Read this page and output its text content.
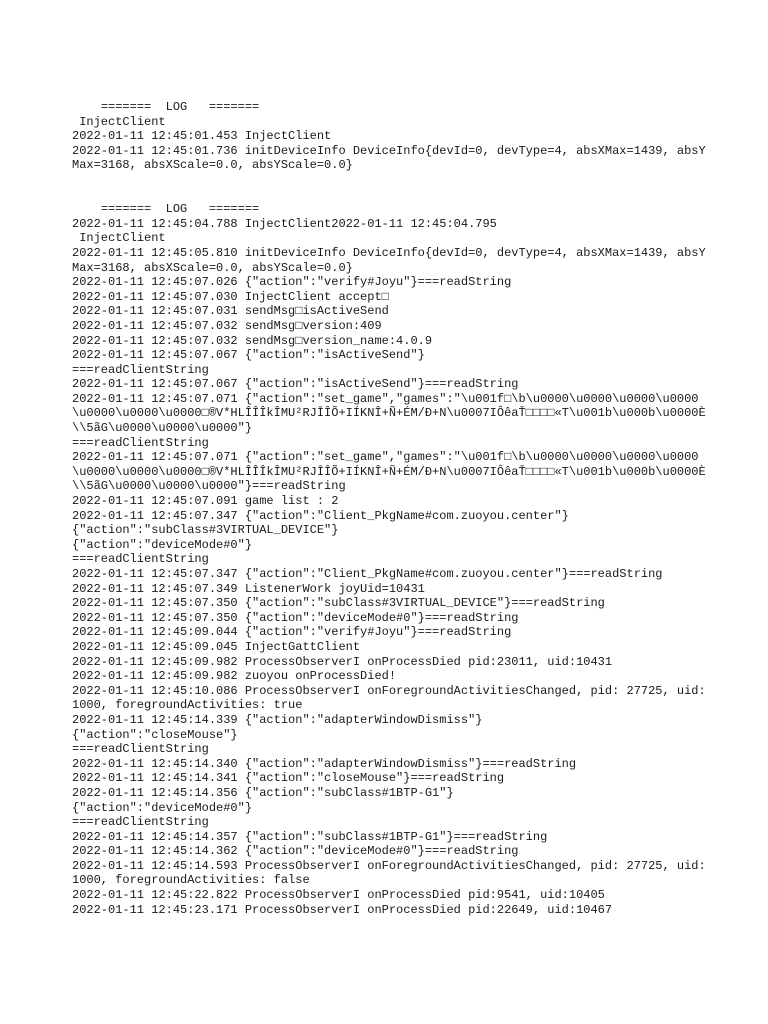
=======  LOG   =======
InjectClient
2022-01-11 12:45:01.453 InjectClient
2022-01-11 12:45:01.736 initDeviceInfo DeviceInfo{devId=0, devType=4, absXMax=1439, absYMax=3168, absXScale=0.0, absYScale=0.0}
=======  LOG   =======
2022-01-11 12:45:04.788 InjectClient2022-01-11 12:45:04.795
InjectClient
2022-01-11 12:45:05.810 initDeviceInfo DeviceInfo{devId=0, devType=4, absXMax=1439, absYMax=3168, absXScale=0.0, absYScale=0.0}
2022-01-11 12:45:07.026 {"action":"verify#Joyu"}===readString
2022-01-11 12:45:07.030 InjectClient accept□
2022-01-11 12:45:07.031 sendMsg□isActiveSend
2022-01-11 12:45:07.032 sendMsg□version:409
2022-01-11 12:45:07.032 sendMsg□version_name:4.0.9
2022-01-11 12:45:07.067 {"action":"isActiveSend"}
===readClientString
2022-01-11 12:45:07.067 {"action":"isActiveSend"}===readString
2022-01-11 12:45:07.071 {"action":"set_game","games":"\u001f□\b\u0000\u0000\u0000\u0000\u0000\u0000\u0000□®V*HLÎÎÎkÎMU²RJĪÎÕ+IÍKNÎ+Ñ+ÉM/Ð+N\u0007IÔêaŤ□□□□«T\u001b\u000b\u0000È\\5ãG\u0000\u0000\u0000"}
===readClientString
2022-01-11 12:45:07.071 {"action":"set_game","games":"\u001f□\b\u0000\u0000\u0000\u0000\u0000\u0000\u0000□®V*HLÎÎÎkÎMU²RJĪÎÕ+IÍKNÎ+Ñ+ÉM/Ð+N\u0007IÔêaŤ□□□□«T\u001b\u000b\u0000È\\5ãG\u0000\u0000\u0000"}===readString
2022-01-11 12:45:07.091 game list : 2
2022-01-11 12:45:07.347 {"action":"Client_PkgName#com.zuoyou.center"}
{"action":"subClass#3VIRTUAL_DEVICE"}
{"action":"deviceMode#0"}
===readClientString
2022-01-11 12:45:07.347 {"action":"Client_PkgName#com.zuoyou.center"}===readString
2022-01-11 12:45:07.349 ListenerWork joyUid=10431
2022-01-11 12:45:07.350 {"action":"subClass#3VIRTUAL_DEVICE"}===readString
2022-01-11 12:45:07.350 {"action":"deviceMode#0"}===readString
2022-01-11 12:45:09.044 {"action":"verify#Joyu"}===readString
2022-01-11 12:45:09.045 InjectGattClient
2022-01-11 12:45:09.982 ProcessObserverI onProcessDied pid:23011, uid:10431
2022-01-11 12:45:09.982 zuoyou onProcessDied!
2022-01-11 12:45:10.086 ProcessObserverI onForegroundActivitiesChanged, pid: 27725, uid: 1000, foregroundActivities: true
2022-01-11 12:45:14.339 {"action":"adapterWindowDismiss"}
{"action":"closeMouse"}
===readClientString
2022-01-11 12:45:14.340 {"action":"adapterWindowDismiss"}===readString
2022-01-11 12:45:14.341 {"action":"closeMouse"}===readString
2022-01-11 12:45:14.356 {"action":"subClass#1BTP-G1"}
{"action":"deviceMode#0"}
===readClientString
2022-01-11 12:45:14.357 {"action":"subClass#1BTP-G1"}===readString
2022-01-11 12:45:14.362 {"action":"deviceMode#0"}===readString
2022-01-11 12:45:14.593 ProcessObserverI onForegroundActivitiesChanged, pid: 27725, uid: 1000, foregroundActivities: false
2022-01-11 12:45:22.822 ProcessObserverI onProcessDied pid:9541, uid:10405
2022-01-11 12:45:23.171 ProcessObserverI onProcessDied pid:22649, uid:10467
